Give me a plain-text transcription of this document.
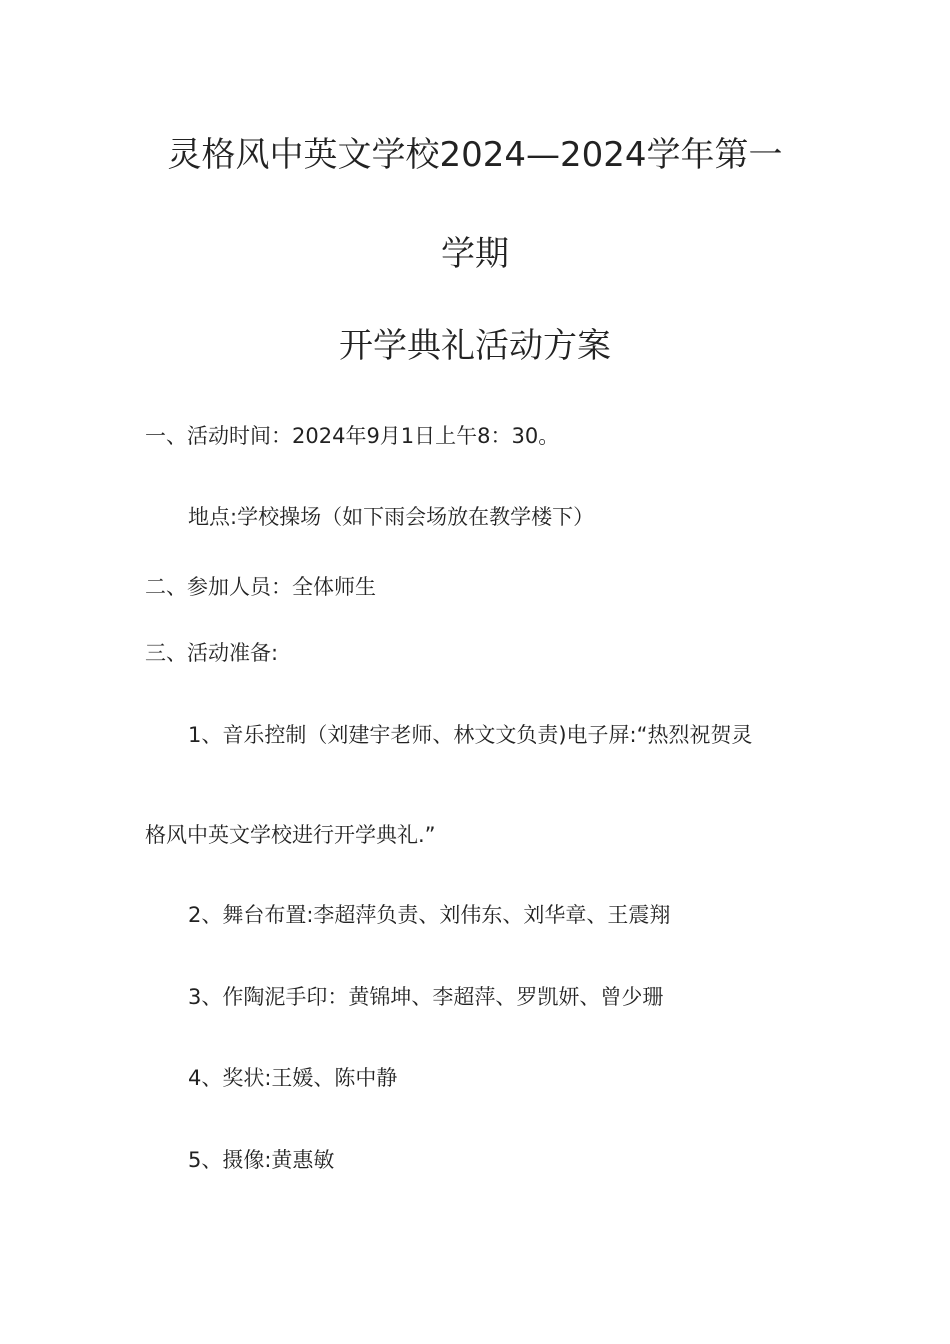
灵格风中英文学校2024—2024学年第一
学期
开学典礼活动方案
一、活动时间：2024年9月1日上午8：30。
地点:学校操场（如下雨会场放在教学楼下）
二、参加人员：全体师生
三、活动准备:
1、音乐控制（刘建宇老师、林文文负责)电子屏:“热烈祝贺灵
格风中英文学校进行开学典礼.”
2、舞台布置:李超萍负责、刘伟东、刘华章、王震翔
3、作陶泥手印：黄锦坤、李超萍、罗凯妍、曾少珊
4、奖状:王媛、陈中静
5、摄像:黄惠敏
